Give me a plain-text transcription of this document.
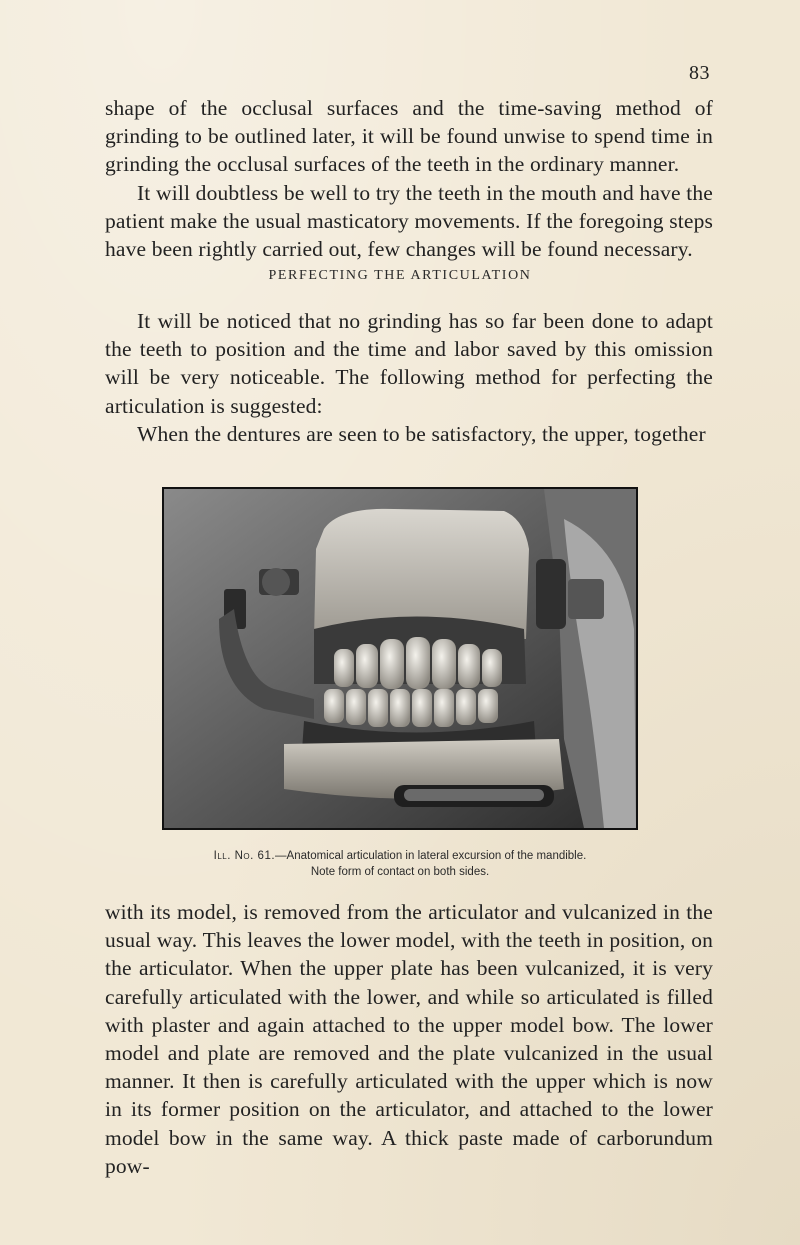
83

shape of the occlusal surfaces and the time-saving method of grinding to be outlined later, it will be found unwise to spend time in grinding the occlusal surfaces of the teeth in the ordinary manner.

It will doubtless be well to try the teeth in the mouth and have the patient make the usual masticatory movements. If the foregoing steps have been rightly carried out, few changes will be found necessary.

PERFECTING THE ARTICULATION

It will be noticed that no grinding has so far been done to adapt the teeth to position and the time and labor saved by this omission will be very noticeable. The following method for perfecting the articulation is suggested:

When the dentures are seen to be satisfactory, the upper, together

Ill. No. 61.—Anatomical articulation in lateral excursion of the mandible.
Note form of contact on both sides.

with its model, is removed from the articulator and vulcanized in the usual way. This leaves the lower model, with the teeth in position, on the articulator. When the upper plate has been vulcanized, it is very carefully articulated with the lower, and while so articulated is filled with plaster and again attached to the upper model bow. The lower model and plate are removed and the plate vulcanized in the usual manner. It then is carefully articulated with the upper which is now in its former position on the articulator, and attached to the lower model bow in the same way. A thick paste made of carborundum pow-
